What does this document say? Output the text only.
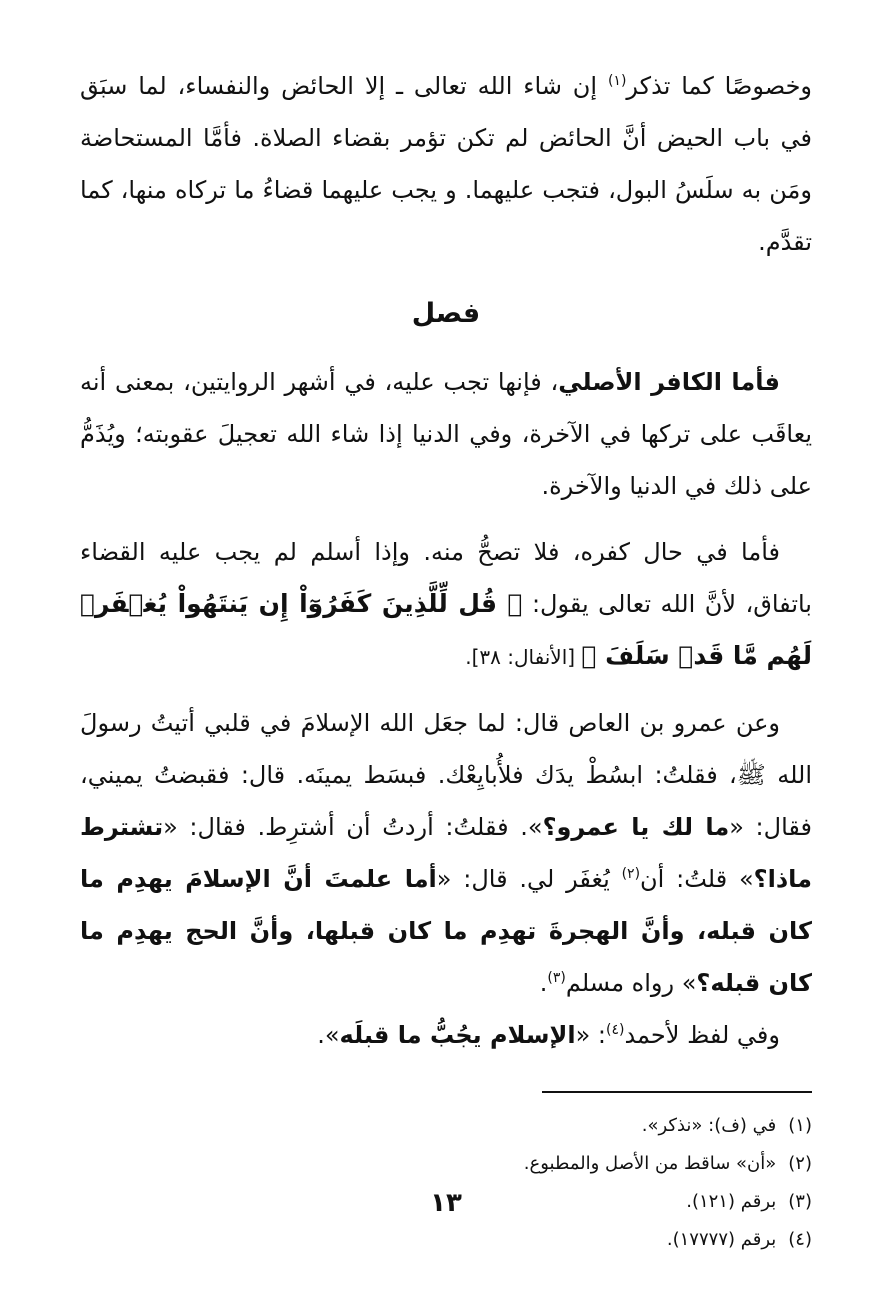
وخصوصًا كما تذكر$^{(١)}$ إن شاء الله تعالى ـ إلا الحائض والنفساء، لما سبَق في باب الحيض أنَّ الحائض لم تكن تؤمر بقضاء الصلاة. فأمَّا المستحاضة ومَن به سلَسُ البول، فتجب عليهما. و يجب عليهما قضاءُ ما تركاه منها، كما تقدَّم.

فصل

فأما الكافر الأصلي، فإنها تجب عليه، في أشهر الروايتين، بمعنى أنه يعاقَب على تركها في الآخرة، وفي الدنيا إذا شاء الله تعجيلَ عقوبته؛ ويُذَمُّ على ذلك في الدنيا والآخرة.

فأما في حال كفره، فلا تصحُّ منه. وإذا أسلم لم يجب عليه القضاء باتفاق، لأنَّ الله تعالى يقول: ﴿ قُل لِّلَّذِينَ كَفَرُوٓاْ إِن يَنتَهُواْ يُغۡفَرۡ لَهُم مَّا قَدۡ سَلَفَ ﴾ [الأنفال: ٣٨].

وعن عمرو بن العاص قال: لما جعَل الله الإسلامَ في قلبي أتيتُ رسولَ الله ﷺ، فقلتُ: ابسُطْ يدَك فلأُبايِعْك. فبسَط يمينَه. قال: فقبضتُ يميني، فقال: «ما لك يا عمرو؟». فقلتُ: أردتُ أن أشترِط. فقال: «تشترط ماذا؟» قلتُ: أن$^{(٢)}$ يُغفَر لي. قال: «أما علمتَ أنَّ الإسلامَ يهدِم ما كان قبله، وأنَّ الهجرةَ تهدِم ما كان قبلها، وأنَّ الحج يهدِم ما كان قبله؟» رواه مسلم$^{(٣)}$.

وفي لفظ لأحمد$^{(٤)}$: «الإسلام يجُبُّ ما قبلَه».

(١)
في (ف): «نذكر».
(٢)
«أن» ساقط من الأصل والمطبوع.
(٣)
برقم (١٢١).
(٤)
برقم (١٧٧٧٧).
١٣
